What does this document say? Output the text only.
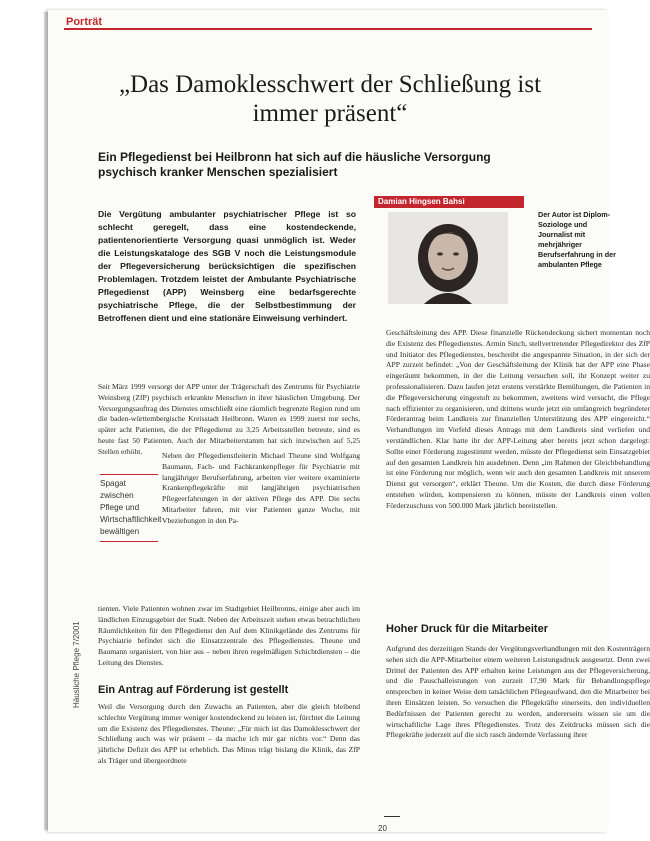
Porträt
„Das Damoklesschwert der Schließung ist immer präsent“
Ein Pflegedienst bei Heilbronn hat sich auf die häusliche Versorgung psychisch kranker Menschen spezialisiert
Die Vergütung ambulanter psychiatrischer Pflege ist so schlecht geregelt, dass eine kostendeckende, patientenorientierte Versorgung quasi unmöglich ist. Weder die Leistungskataloge des SGB V noch die Leistungsmodule der Pflegeversicherung berücksichtigen die spezifischen Problemlagen. Trotzdem leistet der Ambulante Psychiatrische Pflegedienst (APP) Weinsberg eine bedarfsgerechte psychiatrische Pflege, die der Selbstbestimmung der Betroffenen dient und eine stationäre Einweisung verhindert.
Damian Hingsen Bahsi
Der Autor ist Diplom-Soziologe und Journalist mit mehrjähriger Berufserfahrung in der ambulanten Pflege
Seit März 1999 versorgt der APP unter der Trägerschaft des Zentrums für Psychiatrie Weinsberg (ZfP) psychisch erkrankte Menschen in ihrer häuslichen Umgebung. Der Versorgungsauftrag des Dienstes umschließt eine räumlich begrenzte Region rund um die baden-württembergische Kreisstadt Heilbronn. Waren es 1999 zuerst nur sechs, später acht Patienten, die der Pflegedienst zu 3,25 Arbeitsstellen betreute, sind es heute fast 50 Patienten. Auch der Mitarbeiterstamm hat sich inzwischen auf 5,25 Stellen erhöht.
Spagat zwischen Pflege und Wirtschaftlichkeit bewältigen
Neben der Pflegedienstleiterin Michael Theune sind Wolfgang Baumann, Fach- und Fachkrankenpfleger für Psychiatrie mit langjähriger Berufserfahrung, arbeiten vier weitere examinierte Krankenpflegekräfte mit langjährigen psychiatrischen Pflegeerfahrungen in der aktiven Pflege des APP. Die sechs Mitarbeiter fahren, mit vier Patienten ganze Woche, mit Vbeziehungen in den Pa-
tienten. Viele Patienten wohnen zwar im Stadtgebiet Heilbronns, einige aber auch im ländlichen Einzugsgebiet der Stadt. Neben der Arbeitszeit stehen etwas betrachtlichen Räumlichkeiten für den Pflegedienst den Auf dem Klinikgelände des Zentrums für Psychiatrie befindet sich die Einsatzzentrale des Pflegedienstes. Theune und Baumann organisiert, von hier aus – neben ihren regelmäßigen Schichtdiensten – die Leitung des Dienstes.
Ein Antrag auf Förderung ist gestellt
Weil die Versorgung durch den Zuwachs an Patienten, aber die gleich bleibend schlechte Vergütung immer weniger kostendeckend zu leisten ist, fürchtet die Leitung um die Existenz des Pflegedienstes. Theune: „Für mich ist das Damoklesschwert der Schließung auch was wir präsent – da mache ich mir gar nichts vor.“ Denn das jährliche Defizit des APP ist erheblich. Das Minus trägt bislang die Klinik, das ZfP als Träger und übergeordnete
Geschäftsleitung des APP. Diese finanzielle Rückendeckung sichert momentan noch die Existenz des Pflegedienstes. Armin Sinch, stellvertretender Pflegedirektor des ZfP und Initiator des Pflegedienstes, beschreibt die angespannte Situation, in der sich der APP zurzeit befindet: „Von der Geschäftsleitung der Klinik hat der APP eine Phase eingeräumt bekommen, in der die Leitung versuchen soll, ihr Konzept weiter zu professionalisieren. Dazu laufen jetzt erstens verstärkte Bemühungen, die Patienten in die Pflegeversicherung eingestuft zu bekommen, zweitens wird versucht, die Pflege nach effizienter zu organisieren, und drittens wurde jetzt ein umfangreich begründeter Förderantrag beim Landkreis zur finanziellen Unterstützung des APP eingereicht.“ Verhandlungen im Vorfeld dieses Antrags mit dem Landkreis sind verliefen und verständlichen. Klar hatte ihr der APP-Leitung aber bereits jetzt schon dargelegt: Sollte einer Förderung zugestimmt werden, müsste der Pflegedienst sein Einsatzgebiet auf den gesamten Landkreis hin ausdehnen. Denn „im Rahmen der Gleichbehandlung ist eine Förderung nur möglich, wenn wir auch den gesamten Landkreis mit unserem Dienst gut versorgen“, erklärt Theune. Um die Kosten, die durch diese Förderung entstehen würden, kompensieren zu können, müsste der Landkreis einen vollen Förderzuschuss von 500.000 Mark jährlich bereitstellen.
Hoher Druck für die Mitarbeiter
Aufgrund des derzeitigen Stands der Vergütungsverhandlungen mit den Kostenträgern sehen sich die APP-Mitarbeiter einem weiteren Leistungsdruck ausgesetzt. Denn zwei Drittel der Patienten des APP erhalten keine Leistungen aus der Pflegeversicherung, und die Pauschalleistungen von zurzeit 17,90 Mark für Behandlungspflege entsprechen in keiner Weise dem tatsächlichen Pflegeaufwand, den die Mitarbeiter bei ihren Einsätzen leisten. So versuchen die Pflegekräfte einerseits, den individuellen Bedürfnissen der Patienten gerecht zu werden, andererseits wissen sie um die wirtschaftliche Lage ihres Pflegedienstes. Trotz des Zeitdrucks müssen sich die Pflegekräfte jederzeit auf die sich rasch ändernde Verfassung ihrer
Häusliche Pflege 7/2001
20
